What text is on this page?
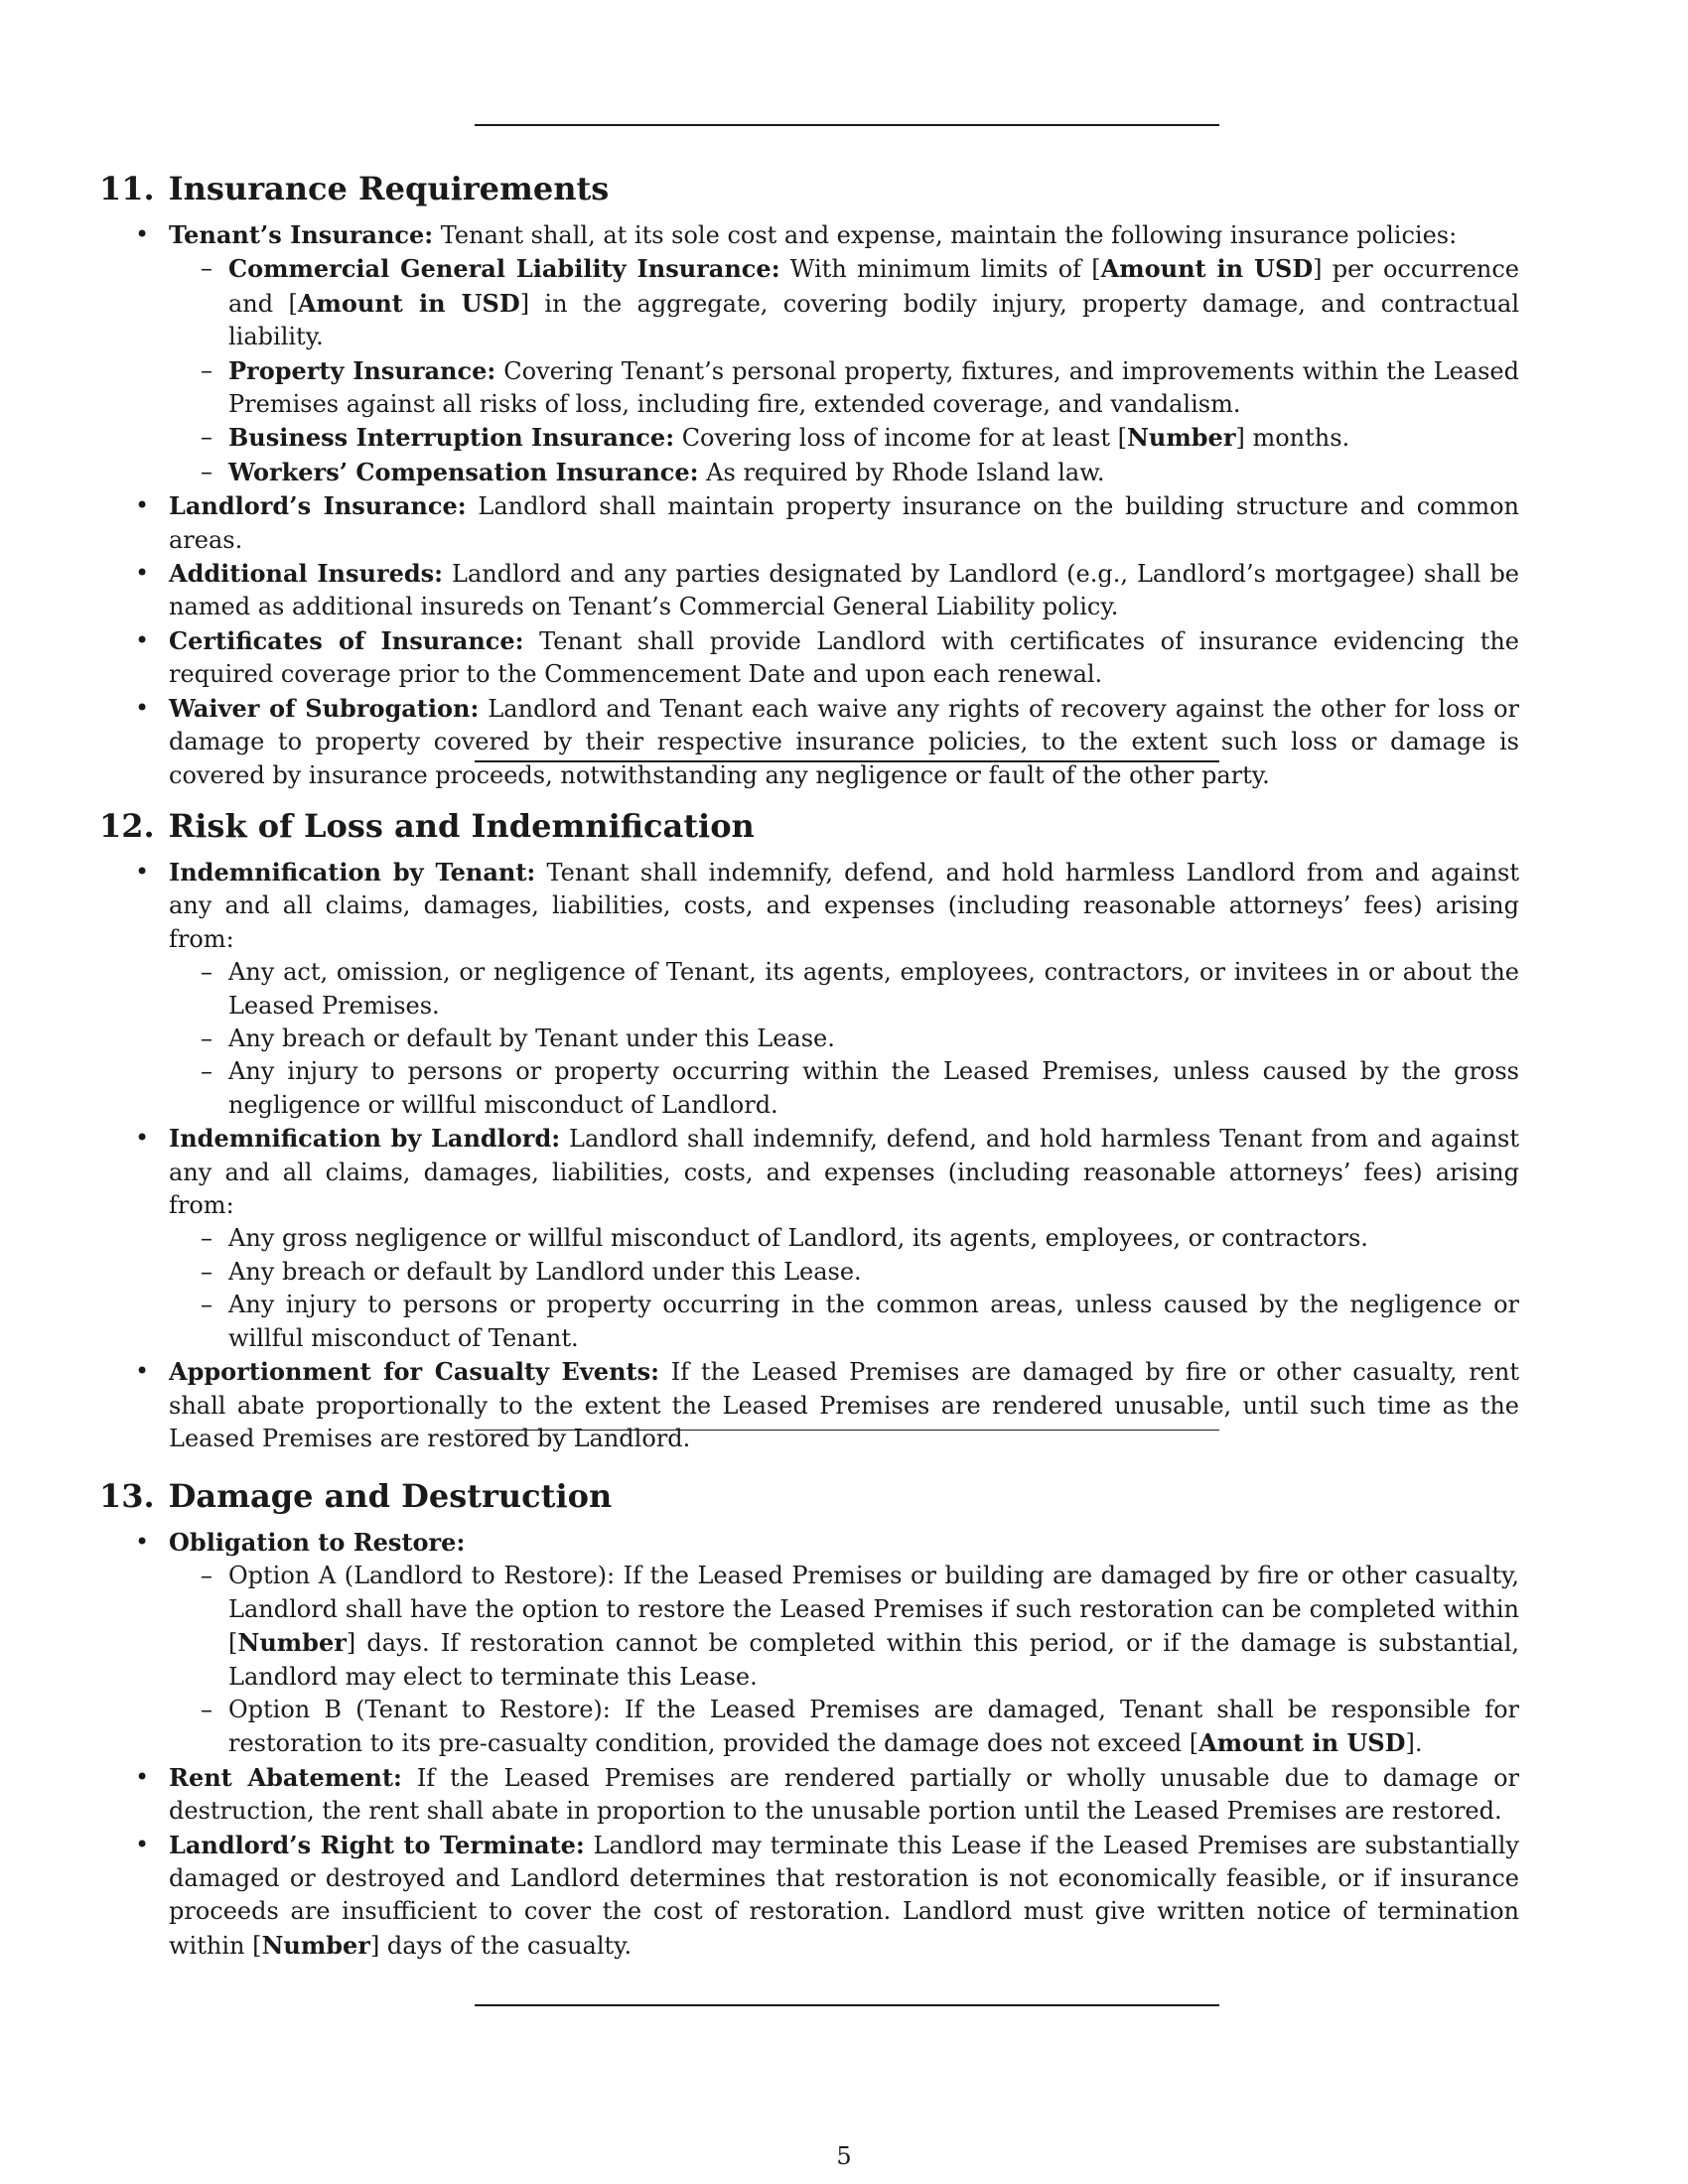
11. Insurance Requirements
• Tenant’s Insurance: Tenant shall, at its sole cost and expense, maintain the following insurance policies:
– Commercial General Liability Insurance: With minimum limits of [Amount in USD] per occurrence and [Amount in USD] in the aggregate, covering bodily injury, property damage, and contractual liability.
– Property Insurance: Covering Tenant’s personal property, fixtures, and improvements within the Leased Premises against all risks of loss, including fire, extended coverage, and vandalism.
– Business Interruption Insurance: Covering loss of income for at least [Number] months.
– Workers’ Compensation Insurance: As required by Rhode Island law.
• Landlord’s Insurance: Landlord shall maintain property insurance on the building structure and common areas.
• Additional Insureds: Landlord and any parties designated by Landlord (e.g., Landlord’s mortgagee) shall be named as additional insureds on Tenant’s Commercial General Liability policy.
• Certificates of Insurance: Tenant shall provide Landlord with certificates of insurance evidencing the required coverage prior to the Commencement Date and upon each renewal.
• Waiver of Subrogation: Landlord and Tenant each waive any rights of recovery against the other for loss or damage to property covered by their respective insurance policies, to the extent such loss or damage is covered by insurance proceeds, notwithstanding any negligence or fault of the other party.
12. Risk of Loss and Indemnification
• Indemnification by Tenant: Tenant shall indemnify, defend, and hold harmless Landlord from and against any and all claims, damages, liabilities, costs, and expenses (including reasonable attorneys’ fees) arising from:
– Any act, omission, or negligence of Tenant, its agents, employees, contractors, or invitees in or about the Leased Premises.
– Any breach or default by Tenant under this Lease.
– Any injury to persons or property occurring within the Leased Premises, unless caused by the gross negligence or willful misconduct of Landlord.
• Indemnification by Landlord: Landlord shall indemnify, defend, and hold harmless Tenant from and against any and all claims, damages, liabilities, costs, and expenses (including reasonable attorneys’ fees) arising from:
– Any gross negligence or willful misconduct of Landlord, its agents, employees, or contractors.
– Any breach or default by Landlord under this Lease.
– Any injury to persons or property occurring in the common areas, unless caused by the negligence or willful misconduct of Tenant.
• Apportionment for Casualty Events: If the Leased Premises are damaged by fire or other casualty, rent shall abate proportionally to the extent the Leased Premises are rendered unusable, until such time as the Leased Premises are restored by Landlord.
13. Damage and Destruction
• Obligation to Restore:
– Option A (Landlord to Restore): If the Leased Premises or building are damaged by fire or other casualty, Landlord shall have the option to restore the Leased Premises if such restoration can be completed within [Number] days. If restoration cannot be completed within this period, or if the damage is substantial, Landlord may elect to terminate this Lease.
– Option B (Tenant to Restore): If the Leased Premises are damaged, Tenant shall be responsible for restoration to its pre-casualty condition, provided the damage does not exceed [Amount in USD].
• Rent Abatement: If the Leased Premises are rendered partially or wholly unusable due to damage or destruction, the rent shall abate in proportion to the unusable portion until the Leased Premises are restored.
• Landlord’s Right to Terminate: Landlord may terminate this Lease if the Leased Premises are substantially damaged or destroyed and Landlord determines that restoration is not economically feasible, or if insurance proceeds are insufficient to cover the cost of restoration. Landlord must give written notice of termination within [Number] days of the casualty.
5
